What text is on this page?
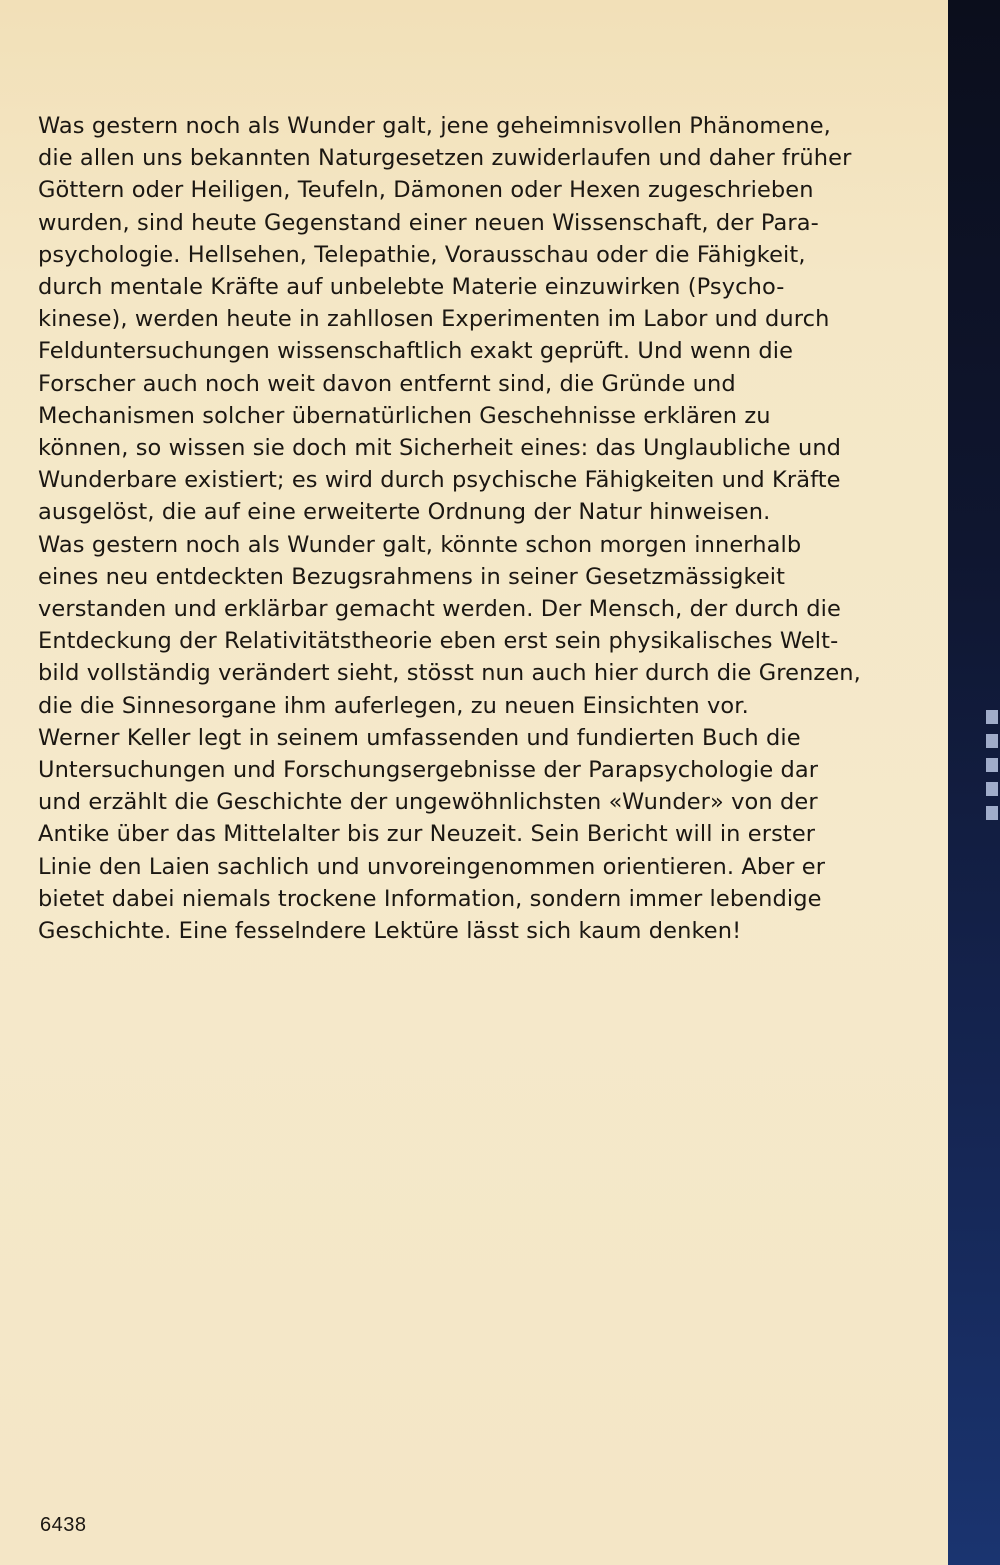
Was gestern noch als Wunder galt, jene geheimnisvollen Phänomene,
die allen uns bekannten Naturgesetzen zuwiderlaufen und daher früher
Göttern oder Heiligen, Teufeln, Dämonen oder Hexen zugeschrieben
wurden, sind heute Gegenstand einer neuen Wissenschaft, der Para-
psychologie. Hellsehen, Telepathie, Vorausschau oder die Fähigkeit,
durch mentale Kräfte auf unbelebte Materie einzuwirken (Psycho-
kinese), werden heute in zahllosen Experimenten im Labor und durch
Felduntersuchungen wissenschaftlich exakt geprüft. Und wenn die
Forscher auch noch weit davon entfernt sind, die Gründe und
Mechanismen solcher übernatürlichen Geschehnisse erklären zu
können, so wissen sie doch mit Sicherheit eines: das Unglaubliche und
Wunderbare existiert; es wird durch psychische Fähigkeiten und Kräfte
ausgelöst, die auf eine erweiterte Ordnung der Natur hinweisen.
Was gestern noch als Wunder galt, könnte schon morgen innerhalb
eines neu entdeckten Bezugsrahmens in seiner Gesetzmässigkeit
verstanden und erklärbar gemacht werden. Der Mensch, der durch die
Entdeckung der Relativitätstheorie eben erst sein physikalisches Welt-
bild vollständig verändert sieht, stösst nun auch hier durch die Grenzen,
die die Sinnesorgane ihm auferlegen, zu neuen Einsichten vor.
Werner Keller legt in seinem umfassenden und fundierten Buch die
Untersuchungen und Forschungsergebnisse der Parapsychologie dar
und erzählt die Geschichte der ungewöhnlichsten «Wunder» von der
Antike über das Mittelalter bis zur Neuzeit. Sein Bericht will in erster
Linie den Laien sachlich und unvoreingenommen orientieren. Aber er
bietet dabei niemals trockene Information, sondern immer lebendige
Geschichte. Eine fesselndere Lektüre lässt sich kaum denken!

6438
